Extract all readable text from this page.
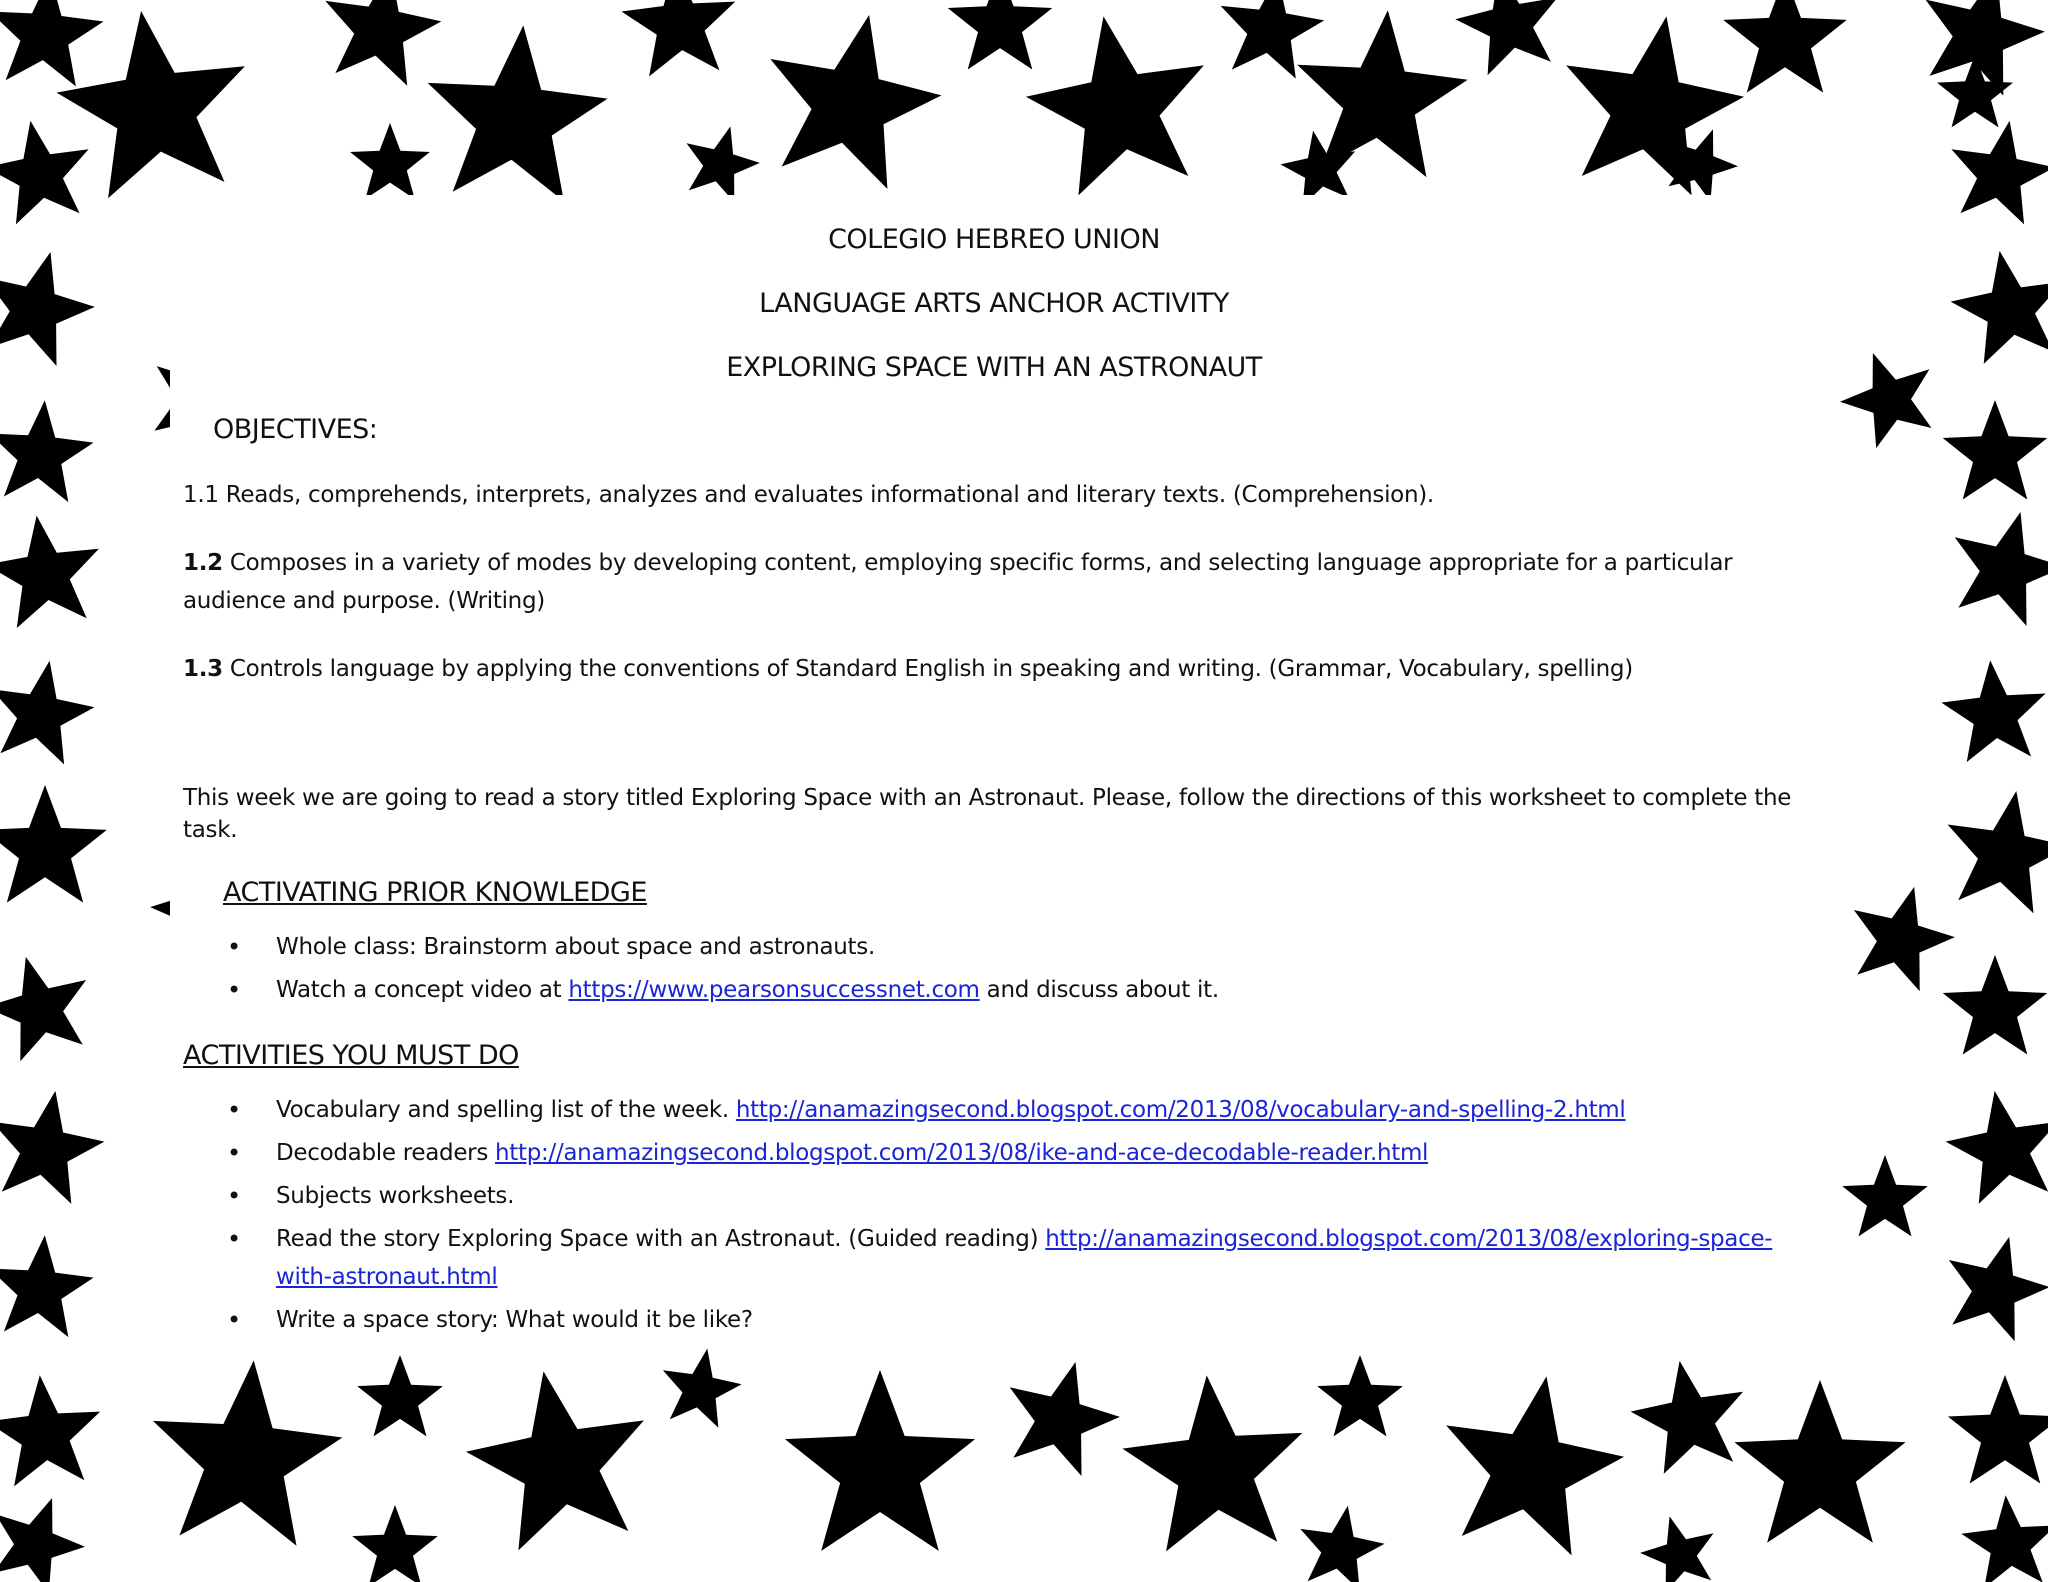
COLEGIO HEBREO UNION
LANGUAGE ARTS ANCHOR ACTIVITY
EXPLORING SPACE WITH AN ASTRONAUT
OBJECTIVES:

1.1 Reads, comprehends, interprets, analyzes and evaluates informational and literary texts. (Comprehension).

1.2 Composes in a variety of modes by developing content, employing specific forms, and selecting language appropriate for a particular audience and purpose. (Writing)

1.3 Controls language by applying the conventions of Standard English in speaking and writing. (Grammar, Vocabulary, spelling)

This week we are going to read a story titled Exploring Space with an Astronaut. Please, follow the directions of this worksheet to complete the task.

ACTIVATING PRIOR KNOWLEDGE
• Whole class: Brainstorm about space and astronauts.
• Watch a concept video at https://www.pearsonsuccessnet.com and discuss about it.
ACTIVITIES YOU MUST DO
• Vocabulary and spelling list of the week. http://anamazingsecond.blogspot.com/2013/08/vocabulary-and-spelling-2.html
• Decodable readers http://anamazingsecond.blogspot.com/2013/08/ike-and-ace-decodable-reader.html
• Subjects worksheets.
• Read the story Exploring Space with an Astronaut. (Guided reading) http://anamazingsecond.blogspot.com/2013/08/exploring-space-with-astronaut.html
• Write a space story: What would it be like?
